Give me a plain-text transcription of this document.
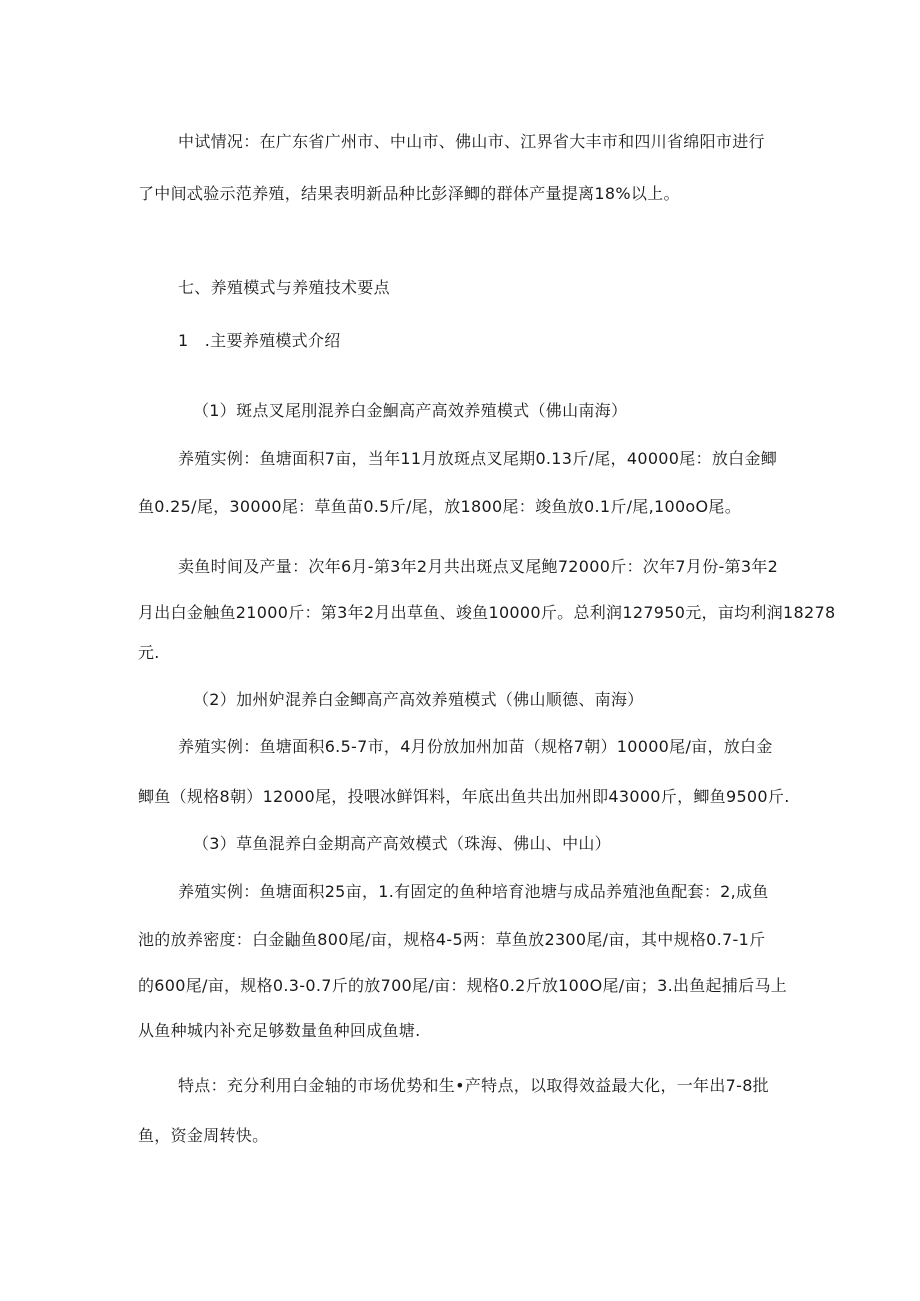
中试情况：在广东省广州市、中山市、佛山市、江界省大丰市和四川省绵阳市进行
了中间忒验示范养殖，结果表明新品种比彭泽鲫的群体产量提离18%以上。
七、养殖模式与养殖技术要点
1　.主要养殖模式介绍
（1）斑点叉尾刖混养白金鮰高产高效养殖模式（佛山南海）
养殖实例：鱼塘面积7亩，当年11月放斑点叉尾期0.13斤/尾，40000尾：放白金鲫
鱼0.25/尾，30000尾：草鱼苗0.5斤/尾，放1800尾：竣鱼放0.1斤/尾,100oO尾。
卖鱼时间及产量：次年6月-第3年2月共出斑点叉尾鲍72000斤：次年7月份-第3年2
月出白金触鱼21000斤：第3年2月出草鱼、竣鱼10000斤。总利润127950元，亩均利润18278
元.
（2）加州妒混养白金鲫高产高效养殖模式（佛山顺德、南海）
养殖实例：鱼塘面积6.5-7市，4月份放加州加苗（规格7朝）10000尾/亩，放白金
鲫鱼（规格8朝）12000尾，投喂冰鲜饵料，年底出鱼共出加州即43000斤，鲫鱼9500斤.
（3）草鱼混养白金期高产高效模式（珠海、佛山、中山）
养殖实例：鱼塘面积25亩，1.有固定的鱼种培育池塘与成品养殖池鱼配套：2,成鱼
池的放养密度：白金鼬鱼800尾/亩，规格4-5两：草鱼放2300尾/亩，其中规格0.7-1斤
的600尾/亩，规格0.3-0.7斤的放700尾/亩：规格0.2斤放100O尾/亩；3.出鱼起捕后马上
从鱼种城内补充足够数量鱼种回成鱼塘.
特点：充分利用白金轴的市场优势和生•产特点，以取得效益最大化，一年出7-8批
鱼，资金周转快。
